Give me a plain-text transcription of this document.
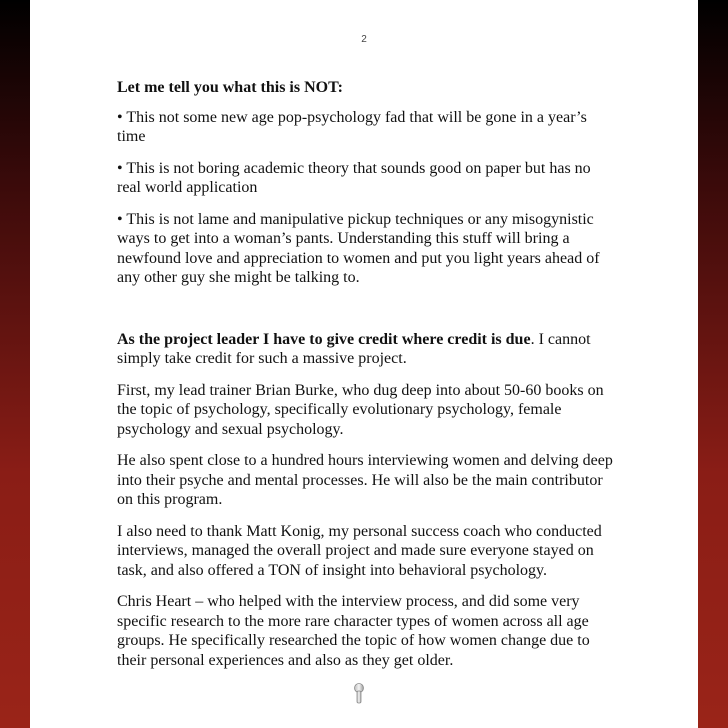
2

Let me tell you what this is NOT:

• This not some new age pop-psychology fad that will be gone in a year’s time

• This is not boring academic theory that sounds good on paper but has no real world application

• This is not lame and manipulative pickup techniques or any misogynistic ways to get into a woman’s pants. Understanding this stuff will bring a newfound love and appreciation to women and put you light years ahead of any other guy she might be talking to.

As the project leader I have to give credit where credit is due. I cannot simply take credit for such a massive project.

First, my lead trainer Brian Burke, who dug deep into about 50-60 books on the topic of psychology, specifically evolutionary psychology, female psychology and sexual psychology.

He also spent close to a hundred hours interviewing women and delving deep into their psyche and mental processes. He will also be the main contributor on this program.

I also need to thank Matt Konig, my personal success coach who conducted interviews, managed the overall project and made sure everyone stayed on task, and also offered a TON of insight into behavioral psychology.

Chris Heart – who helped with the interview process, and did some very specific research to the more rare character types of women across all age groups. He specifically researched the topic of how women change due to their personal experiences and also as they get older.
